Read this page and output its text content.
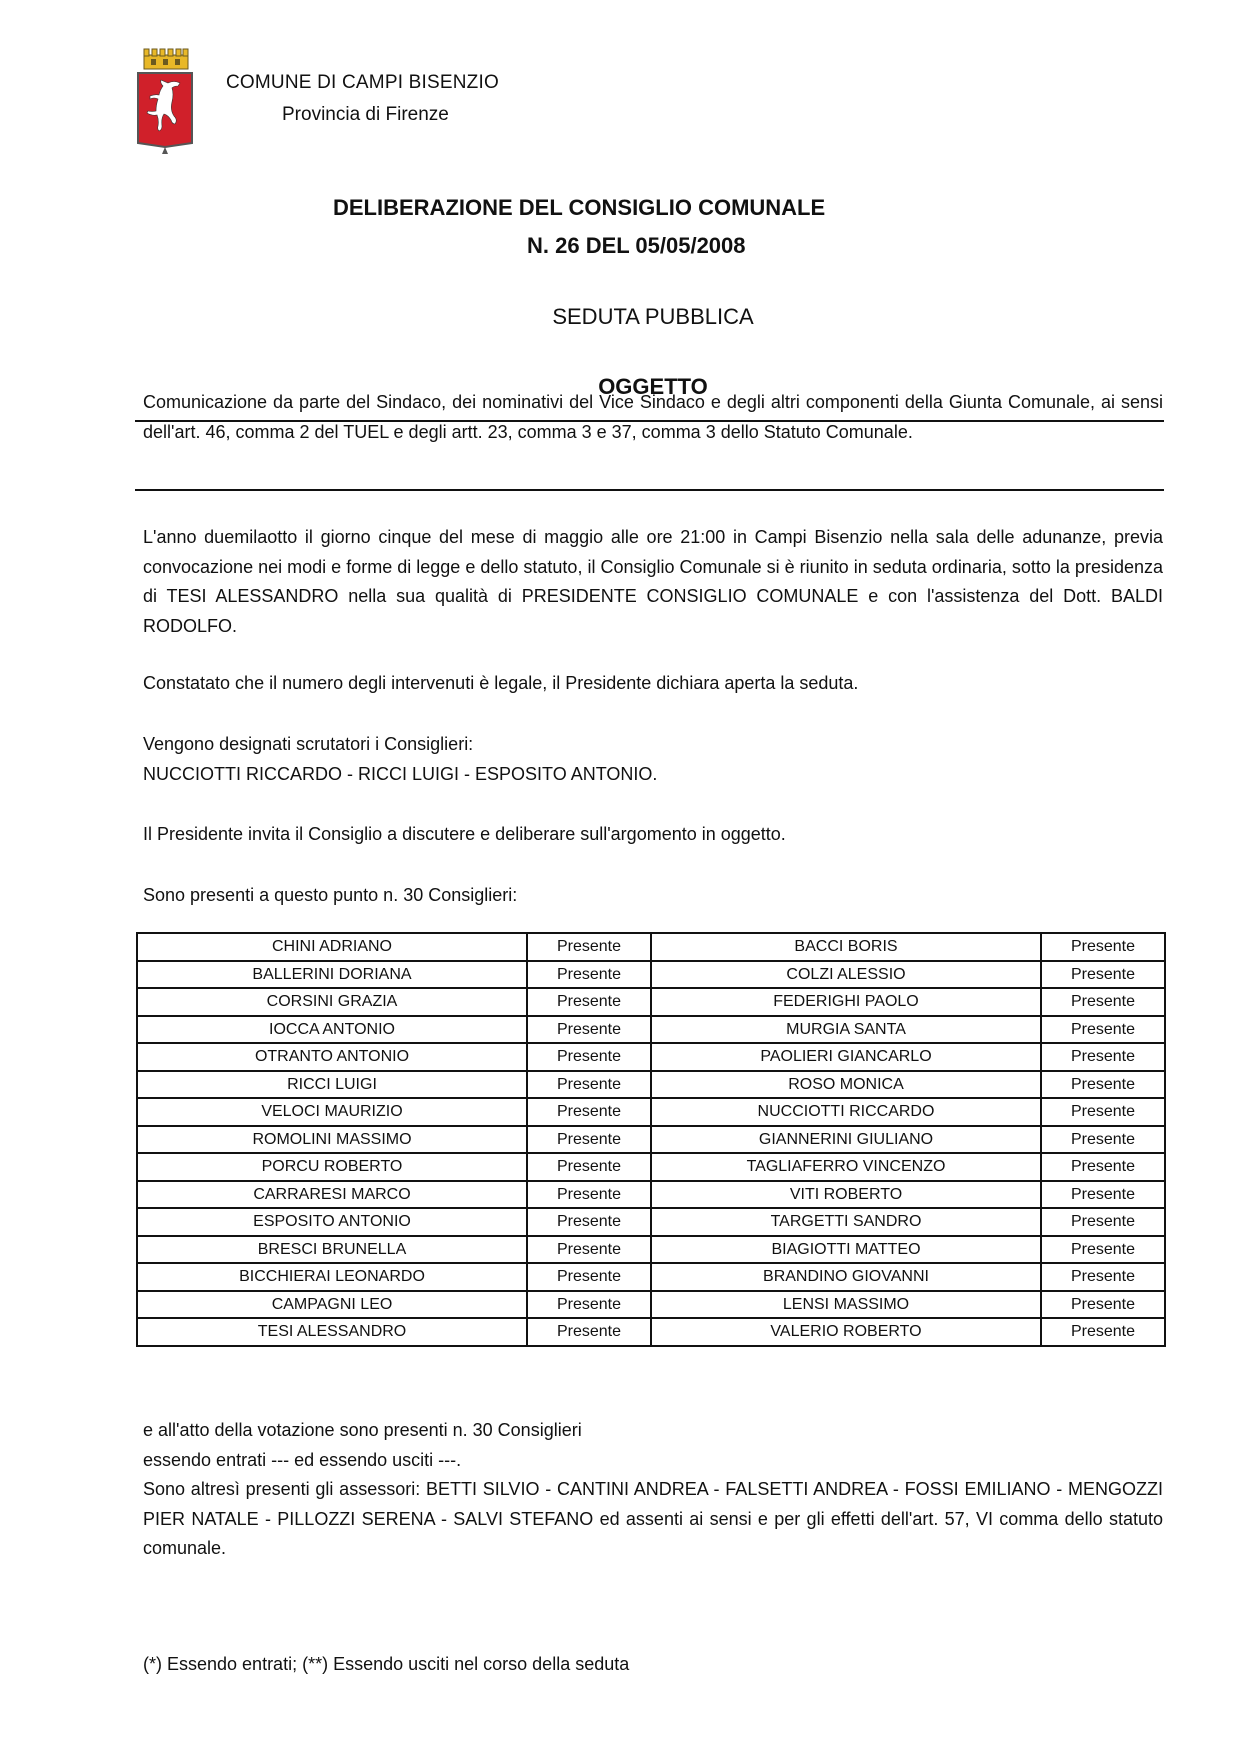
COMUNE DI CAMPI BISENZIO
Provincia di Firenze
DELIBERAZIONE DEL CONSIGLIO COMUNALE
N. 26 DEL 05/05/2008
SEDUTA PUBBLICA
OGGETTO
Comunicazione da parte del Sindaco, dei nominativi del Vice Sindaco e degli altri componenti della Giunta Comunale, ai sensi dell'art. 46, comma 2 del TUEL e degli artt. 23, comma 3 e 37, comma 3 dello Statuto Comunale.
L'anno duemilaotto il giorno cinque del mese di maggio alle ore 21:00 in Campi Bisenzio nella sala delle adunanze, previa convocazione nei modi e forme di legge e dello statuto, il Consiglio Comunale si è riunito in seduta ordinaria, sotto la presidenza di TESI ALESSANDRO nella sua qualità di PRESIDENTE CONSIGLIO COMUNALE e con l'assistenza del Dott. BALDI RODOLFO.
Constatato che il numero degli intervenuti è legale, il Presidente dichiara aperta la seduta.
Vengono designati scrutatori i Consiglieri:
NUCCIOTTI RICCARDO - RICCI LUIGI - ESPOSITO ANTONIO.
Il Presidente invita il Consiglio a discutere e deliberare sull'argomento in oggetto.
Sono presenti a questo punto n. 30 Consiglieri:
CHINI ADRIANO	Presente	BACCI BORIS	Presente
BALLERINI DORIANA	Presente	COLZI ALESSIO	Presente
CORSINI GRAZIA	Presente	FEDERIGHI PAOLO	Presente
IOCCA ANTONIO	Presente	MURGIA SANTA	Presente
OTRANTO ANTONIO	Presente	PAOLIERI GIANCARLO	Presente
RICCI LUIGI	Presente	ROSO MONICA	Presente
VELOCI MAURIZIO	Presente	NUCCIOTTI RICCARDO	Presente
ROMOLINI MASSIMO	Presente	GIANNERINI GIULIANO	Presente
PORCU ROBERTO	Presente	TAGLIAFERRO VINCENZO	Presente
CARRARESI MARCO	Presente	VITI ROBERTO	Presente
ESPOSITO ANTONIO	Presente	TARGETTI SANDRO	Presente
BRESCI BRUNELLA	Presente	BIAGIOTTI MATTEO	Presente
BICCHIERAI LEONARDO	Presente	BRANDINO GIOVANNI	Presente
CAMPAGNI LEO	Presente	LENSI MASSIMO	Presente
TESI ALESSANDRO	Presente	VALERIO ROBERTO	Presente
e all'atto della votazione sono presenti n. 30 Consiglieri
essendo entrati --- ed essendo usciti ---.
Sono altresì presenti gli assessori: BETTI SILVIO - CANTINI ANDREA - FALSETTI ANDREA - FOSSI EMILIANO - MENGOZZI PIER NATALE - PILLOZZI SERENA - SALVI STEFANO ed assenti ai sensi e per gli effetti dell'art. 57, VI comma dello statuto comunale.
(*) Essendo entrati; (**) Essendo usciti nel corso della seduta
